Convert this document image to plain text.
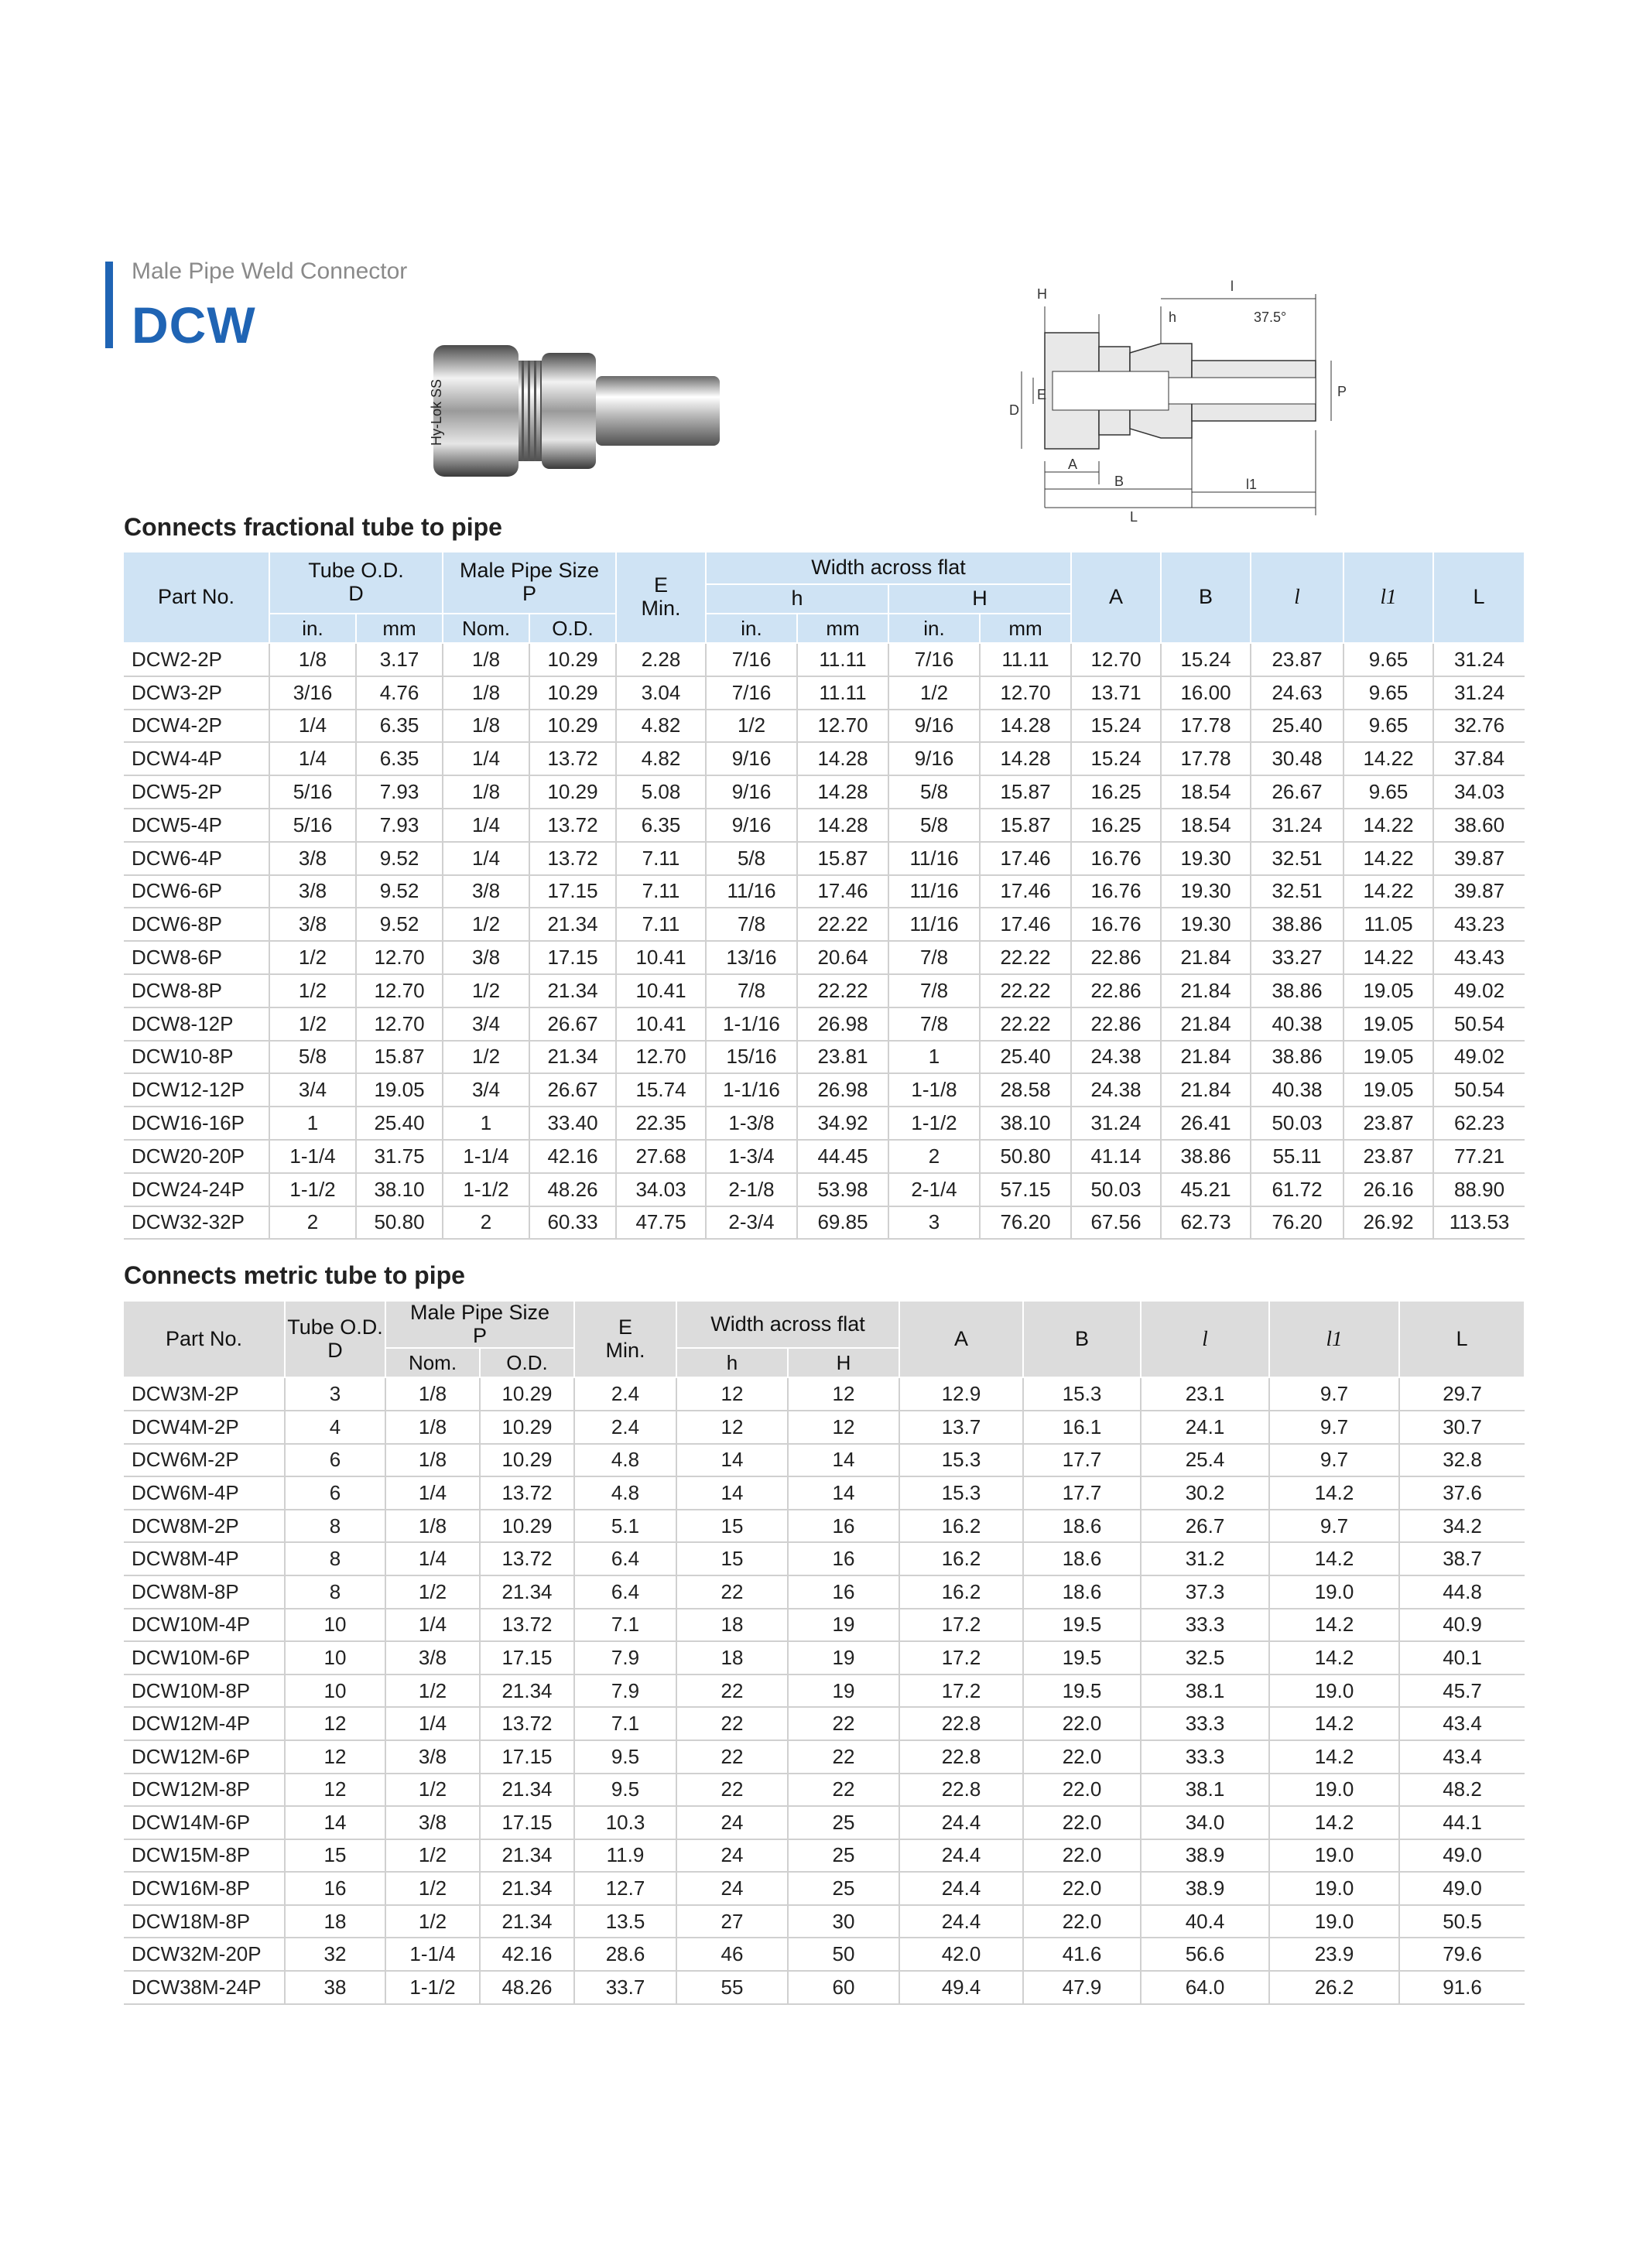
Male Pipe Weld Connector
DCW
Hy-Lok SS
H
h
l
37.5°
D
E	P
A
B
L
l1
Connects fractional tube to pipe
Part No.	Tube O.D.
D		Male Pipe Size
P		E
Min.	Width across flat				A	B	l	l1	L
						h		H						
	in.	mm	Nom.	O.D.		in.	mm	in.	mm					
DCW2-2P	1/8	3.17	1/8	10.29	2.28	7/16	11.11	7/16	11.11	12.70	15.24	23.87	9.65	31.24
DCW3-2P	3/16	4.76	1/8	10.29	3.04	7/16	11.11	1/2	12.70	13.71	16.00	24.63	9.65	31.24
DCW4-2P	1/4	6.35	1/8	10.29	4.82	1/2	12.70	9/16	14.28	15.24	17.78	25.40	9.65	32.76
DCW4-4P	1/4	6.35	1/4	13.72	4.82	9/16	14.28	9/16	14.28	15.24	17.78	30.48	14.22	37.84
DCW5-2P	5/16	7.93	1/8	10.29	5.08	9/16	14.28	5/8	15.87	16.25	18.54	26.67	9.65	34.03
DCW5-4P	5/16	7.93	1/4	13.72	6.35	9/16	14.28	5/8	15.87	16.25	18.54	31.24	14.22	38.60
DCW6-4P	3/8	9.52	1/4	13.72	7.11	5/8	15.87	11/16	17.46	16.76	19.30	32.51	14.22	39.87
DCW6-6P	3/8	9.52	3/8	17.15	7.11	11/16	17.46	11/16	17.46	16.76	19.30	32.51	14.22	39.87
DCW6-8P	3/8	9.52	1/2	21.34	7.11	7/8	22.22	11/16	17.46	16.76	19.30	38.86	11.05	43.23
DCW8-6P	1/2	12.70	3/8	17.15	10.41	13/16	20.64	7/8	22.22	22.86	21.84	33.27	14.22	43.43
DCW8-8P	1/2	12.70	1/2	21.34	10.41	7/8	22.22	7/8	22.22	22.86	21.84	38.86	19.05	49.02
DCW8-12P	1/2	12.70	3/4	26.67	10.41	1-1/16	26.98	7/8	22.22	22.86	21.84	40.38	19.05	50.54
DCW10-8P	5/8	15.87	1/2	21.34	12.70	15/16	23.81	1	25.40	24.38	21.84	38.86	19.05	49.02
DCW12-12P	3/4	19.05	3/4	26.67	15.74	1-1/16	26.98	1-1/8	28.58	24.38	21.84	40.38	19.05	50.54
DCW16-16P	1	25.40	1	33.40	22.35	1-3/8	34.92	1-1/2	38.10	31.24	26.41	50.03	23.87	62.23
DCW20-20P	1-1/4	31.75	1-1/4	42.16	27.68	1-3/4	44.45	2	50.80	41.14	38.86	55.11	23.87	77.21
DCW24-24P	1-1/2	38.10	1-1/2	48.26	34.03	2-1/8	53.98	2-1/4	57.15	50.03	45.21	61.72	26.16	88.90
DCW32-32P	2	50.80	2	60.33	47.75	2-3/4	69.85	3	76.20	67.56	62.73	76.20	26.92	113.53
Connects metric tube to pipe
Part No.	Tube O.D.
D	Male Pipe Size
P		E
Min.	Width across flat		A	B	l	l1	L

		Nom.	O.D.		h	H					
DCW3M-2P	3	1/8	10.29	2.4	12	12	12.9	15.3	23.1	9.7	29.7
DCW4M-2P	4	1/8	10.29	2.4	12	12	13.7	16.1	24.1	9.7	30.7
DCW6M-2P	6	1/8	10.29	4.8	14	14	15.3	17.7	25.4	9.7	32.8
DCW6M-4P	6	1/4	13.72	4.8	14	14	15.3	17.7	30.2	14.2	37.6
DCW8M-2P	8	1/8	10.29	5.1	15	16	16.2	18.6	26.7	9.7	34.2
DCW8M-4P	8	1/4	13.72	6.4	15	16	16.2	18.6	31.2	14.2	38.7
DCW8M-8P	8	1/2	21.34	6.4	22	16	16.2	18.6	37.3	19.0	44.8
DCW10M-4P	10	1/4	13.72	7.1	18	19	17.2	19.5	33.3	14.2	40.9
DCW10M-6P	10	3/8	17.15	7.9	18	19	17.2	19.5	32.5	14.2	40.1
DCW10M-8P	10	1/2	21.34	7.9	22	19	17.2	19.5	38.1	19.0	45.7
DCW12M-4P	12	1/4	13.72	7.1	22	22	22.8	22.0	33.3	14.2	43.4
DCW12M-6P	12	3/8	17.15	9.5	22	22	22.8	22.0	33.3	14.2	43.4
DCW12M-8P	12	1/2	21.34	9.5	22	22	22.8	22.0	38.1	19.0	48.2
DCW14M-6P	14	3/8	17.15	10.3	24	25	24.4	22.0	34.0	14.2	44.1
DCW15M-8P	15	1/2	21.34	11.9	24	25	24.4	22.0	38.9	19.0	49.0
DCW16M-8P	16	1/2	21.34	12.7	24	25	24.4	22.0	38.9	19.0	49.0
DCW18M-8P	18	1/2	21.34	13.5	27	30	24.4	22.0	40.4	19.0	50.5
DCW32M-20P	32	1-1/4	42.16	28.6	46	50	42.0	41.6	56.6	23.9	79.6
DCW38M-24P	38	1-1/2	48.26	33.7	55	60	49.4	47.9	64.0	26.2	91.6
